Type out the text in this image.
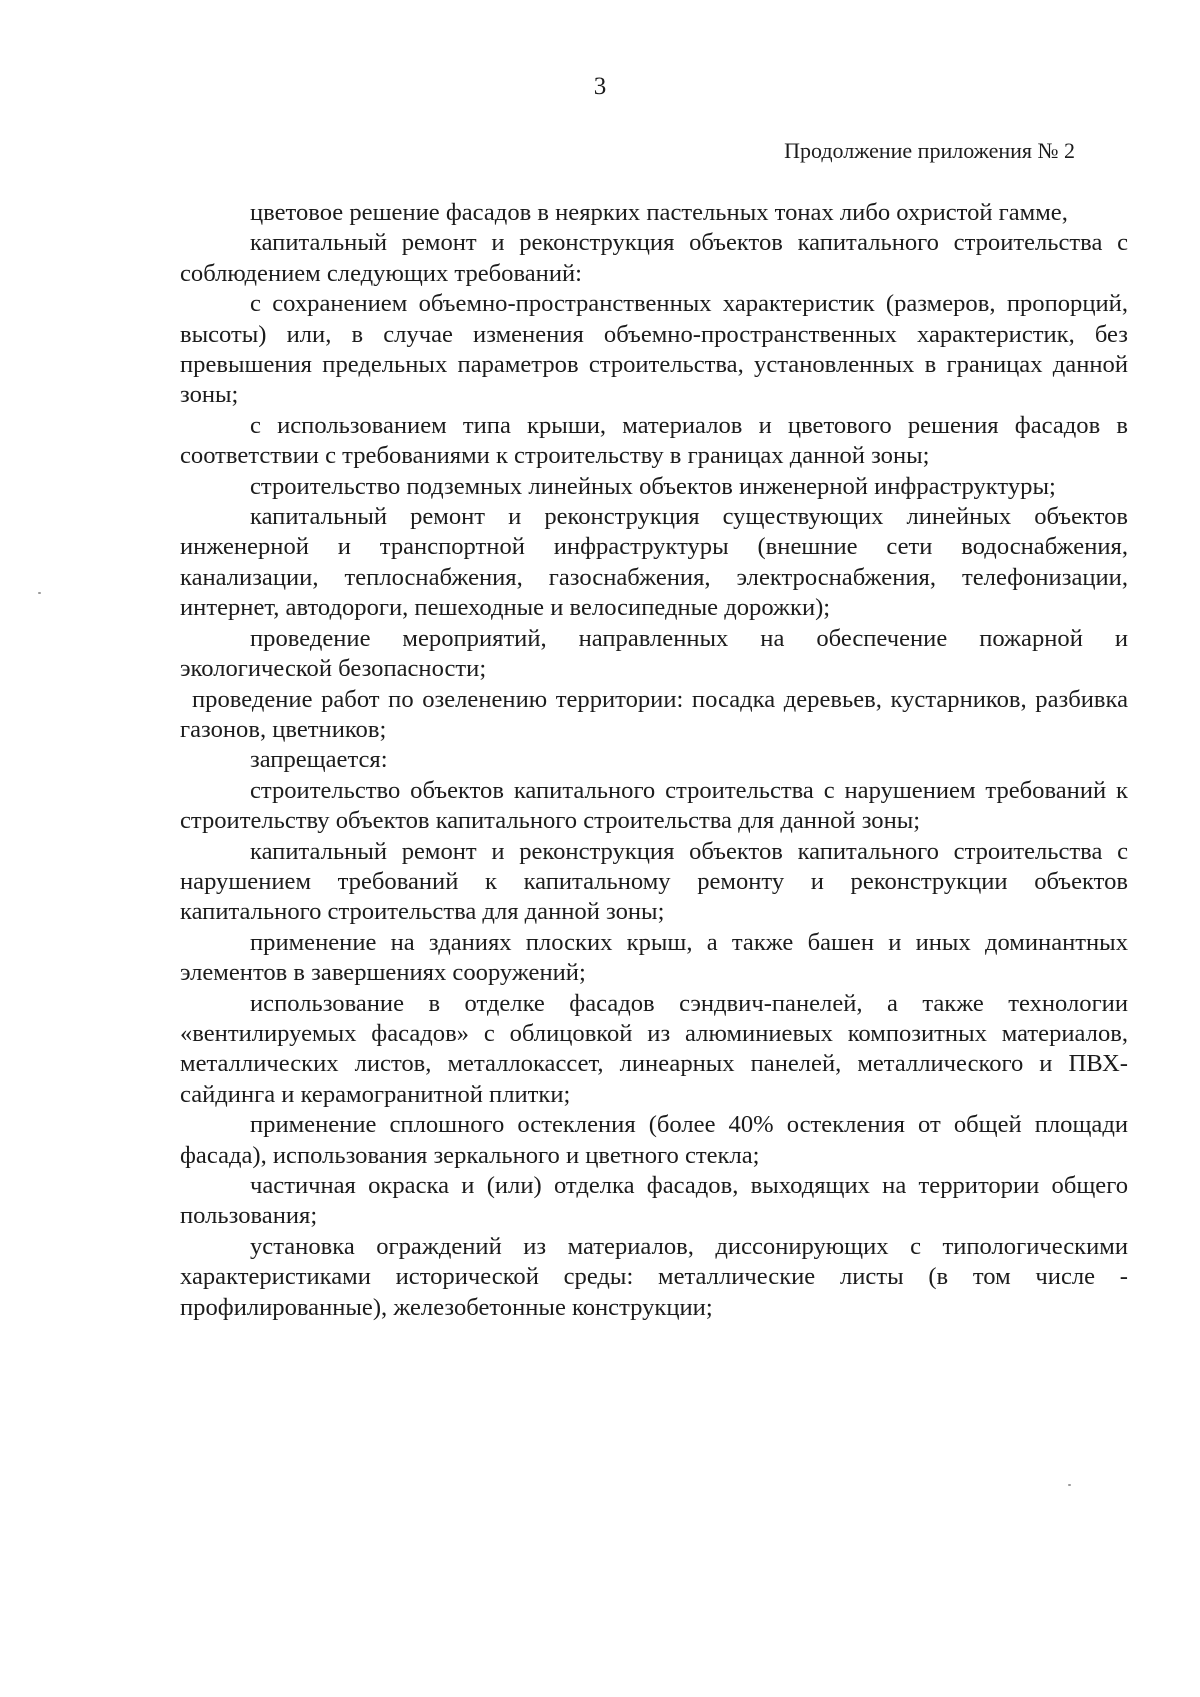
3
Продолжение приложения № 2

цветовое решение фасадов в неярких пастельных тонах либо охристой гамме,

капитальный ремонт и реконструкция объектов капитального строительства с соблюдением следующих требований:

с сохранением объемно-пространственных характеристик (размеров, пропорций, высоты) или, в случае изменения объемно-пространственных характеристик, без превышения предельных параметров строительства, установленных в границах данной зоны;

с использованием типа крыши, материалов и цветового решения фасадов в соответствии с требованиями к строительству в границах данной зоны;

строительство подземных линейных объектов инженерной инфраструктуры;

капитальный ремонт и реконструкция существующих линейных объектов инженерной и транспортной инфраструктуры (внешние сети водоснабжения, канализации, теплоснабжения, газоснабжения, электроснабжения, телефонизации, интернет, автодороги, пешеходные и велосипедные дорожки);

проведение мероприятий, направленных на обеспечение пожарной и экологической безопасности;

проведение работ по озеленению территории: посадка деревьев, кустарников, разбивка газонов, цветников;

запрещается:

строительство объектов капитального строительства с нарушением требований к строительству объектов капитального строительства для данной зоны;

капитальный ремонт и реконструкция объектов капитального строительства с нарушением требований к капитальному ремонту и реконструкции объектов капитального строительства для данной зоны;

применение на зданиях плоских крыш, а также башен и иных доминантных элементов в завершениях сооружений;

использование в отделке фасадов сэндвич-панелей, а также технологии «вентилируемых фасадов» с облицовкой из алюминиевых композитных материалов, металлических листов, металлокассет, линеарных панелей, металлического и ПВХ-сайдинга и керамогранитной плитки;

применение сплошного остекления (более 40% остекления от общей площади фасада), использования зеркального и цветного стекла;

частичная окраска и (или) отделка фасадов, выходящих на территории общего пользования;

установка ограждений из материалов, диссонирующих с типологическими характеристиками исторической среды: металлические листы (в том числе - профилированные), железобетонные конструкции;
